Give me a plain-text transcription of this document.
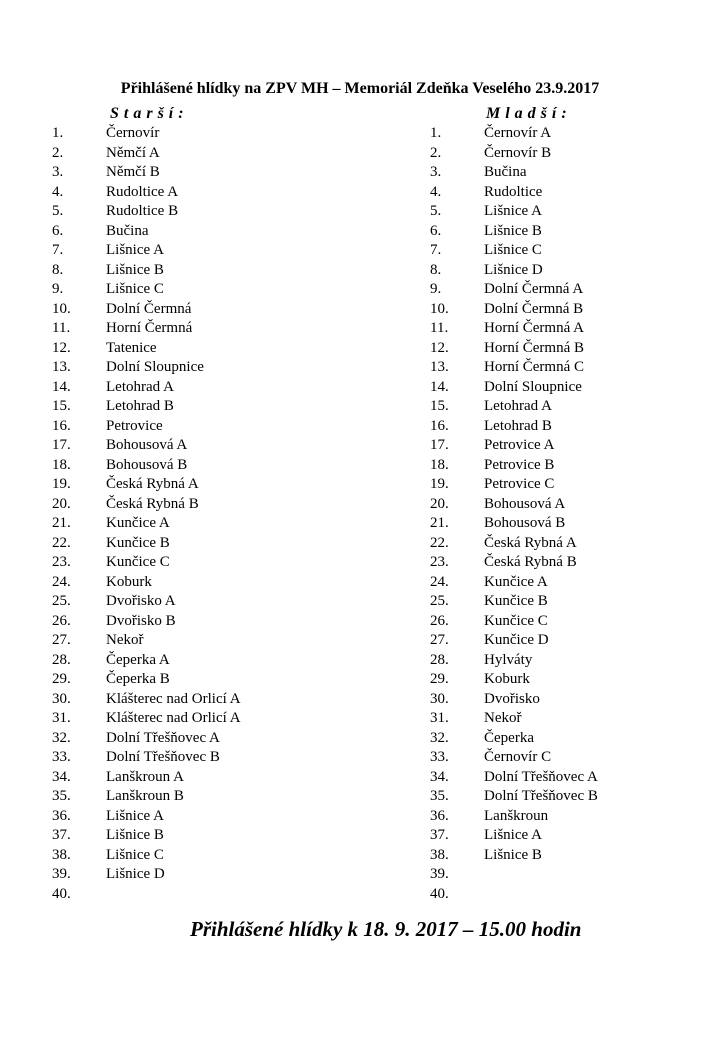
Přihlášené hlídky na ZPV MH – Memoriál Zdeňka Veselého 23.9.2017
Starší:	Mladší:
1.	Černovír
2.	Němčí A
3.	Němčí B
4.	Rudoltice A
5.	Rudoltice B
6.	Bučina
7.	Lišnice A
8.	Lišnice B
9.	Lišnice C
10. Dolní Čermná
11. Horní Čermná
12. Tatenice
13. Dolní Sloupnice
14. Letohrad A
15. Letohrad B
16. Petrovice
17. Bohousová A
18. Bohousová B
19. Česká Rybná A
20. Česká Rybná B
21. Kunčice A
22. Kunčice B
23. Kunčice C
24. Koburk
25. Dvořisko A
26. Dvořisko B
27. Nekoř
28. Čeperka A
29. Čeperka B
30. Klášterec nad Orlicí A
31. Klášterec nad Orlicí A
32. Dolní Třešňovec A
33. Dolní Třešňovec B
34. Lanškroun A
35. Lanškroun B
36. Lišnice A
37. Lišnice B
38. Lišnice C
39. Lišnice D
40.
1.	Černovír A
2.	Černovír B
3.	Bučina
4.	Rudoltice
5.	Lišnice A
6.	Lišnice B
7.	Lišnice C
8.	Lišnice D
9.	Dolní Čermná A
10. Dolní Čermná B
11. Horní Čermná A
12. Horní Čermná B
13. Horní Čermná C
14. Dolní Sloupnice
15. Letohrad A
16. Letohrad B
17. Petrovice A
18. Petrovice B
19. Petrovice C
20. Bohousová A
21. Bohousová B
22. Česká Rybná A
23. Česká Rybná B
24. Kunčice A
25. Kunčice B
26. Kunčice C
27. Kunčice D
28. Hylváty
29. Koburk
30. Dvořisko
31. Nekoř
32. Čeperka
33. Černovír C
34. Dolní Třešňovec A
35. Dolní Třešňovec B
36. Lanškroun
37. Lišnice A
38. Lišnice B
39.
40.
Přihlášené hlídky k 18. 9. 2017 – 15.00 hodin
